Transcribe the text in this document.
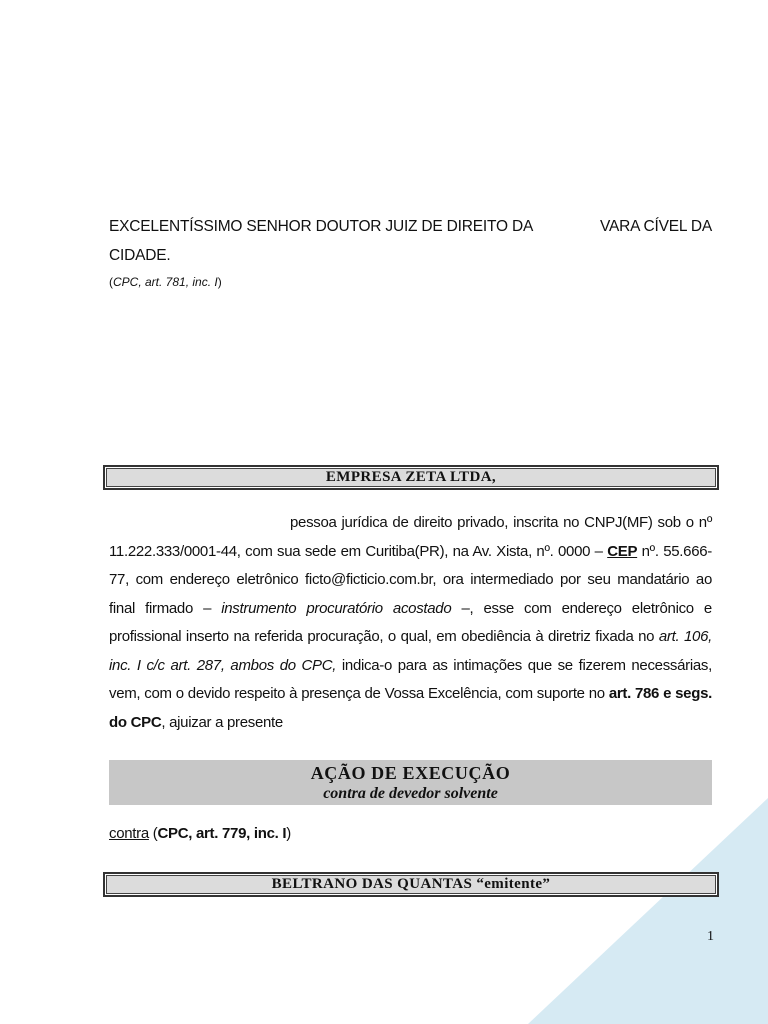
EXCELENTÍSSIMO SENHOR DOUTOR JUIZ DE DIREITO DA	VARA CÍVEL DA
CIDADE.
(CPC, art. 781, inc. I)
EMPRESA ZETA LTDA,
pessoa jurídica de direito privado, inscrita no CNPJ(MF) sob o nº 11.222.333/0001-44, com sua sede em Curitiba(PR), na Av. Xista, nº. 0000 – CEP nº. 55.666-77, com endereço eletrônico ficto@ficticio.com.br, ora intermediado por seu mandatário ao final firmado – instrumento procuratório acostado –, esse com endereço eletrônico e profissional inserto na referida procuração, o qual, em obediência à diretriz fixada no art. 106, inc. I c/c art. 287, ambos do CPC, indica-o para as intimações que se fizerem necessárias, vem, com o devido respeito à presença de Vossa Excelência, com suporte no art. 786 e segs. do CPC, ajuizar a presente
AÇÃO DE EXECUÇÃO
contra de devedor solvente
contra (CPC, art. 779, inc. I)
BELTRANO DAS QUANTAS “emitente”
1
